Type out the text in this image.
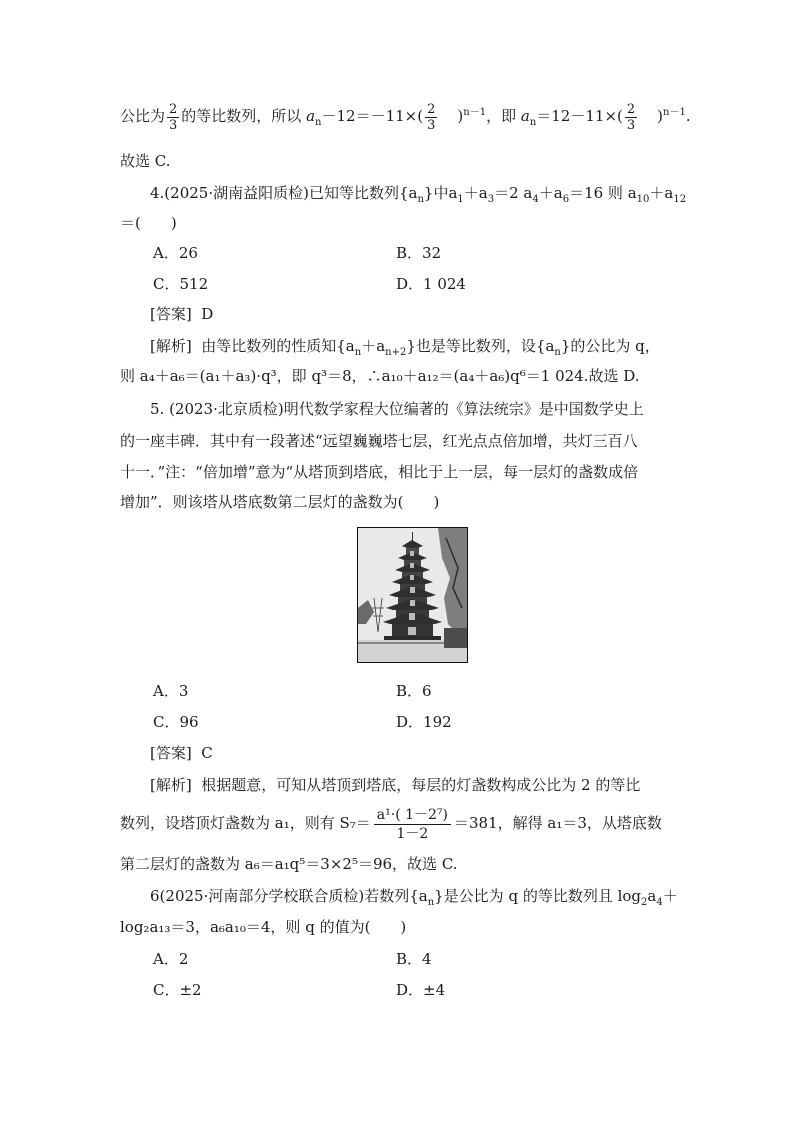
公比为 $\frac{2}{3}$ 的等比数列，所以 $a_n-12=-11\times( \frac{2}{3} )^{n-1}$，即 $a_n=12-11\times( \frac{2}{3} )^{n-1}$.
故选 C.
4.(2025·湖南益阳质检)已知等比数列$\{a_n\}$中$a_1+a_3=2$ $a_4+a_6=16$ 则 $a_{10}+a_{12}$
＝(　　)
A．26	B．32
C．512	D．1 024
[答案] D
[解析] 由等比数列的性质知$\{a_n+a_{n+2}\}$也是等比数列，设$\{a_n\}$的公比为 q，
则 a₄＋a₆＝(a₁＋a₃)·q³，即 q³＝8，∴a₁₀＋a₁₂＝(a₄＋a₆)q⁶＝1 024.故选 D.
5. (2023·北京质检)明代数学家程大位编著的《算法统宗》是中国数学史上
的一座丰碑．其中有一段著述“远望巍巍塔七层，红光点点倍加增，共灯三百八
十一．”注：“倍加增”意为“从塔顶到塔底，相比于上一层，每一层灯的盏数成倍
增加”．则该塔从塔底数第二层灯的盏数为(　　)
A．3	B．6
C．96	D．192
[答案] C
[解析] 根据题意，可知从塔顶到塔底，每层的灯盏数构成公比为 2 的等比
数列，设塔顶灯盏数为 a₁，则有 $S_7= \frac{\text{a¹·( 1－2⁷)}}{1-2} =381$，解得 a₁＝3，从塔底数
第二层灯的盏数为 a₆＝a₁q⁵＝3×2⁵＝96，故选 C.
6(2025·河南部分学校联合质检)若数列$\{a_n\}$是公比为 q 的等比数列且 $\log_2a_4+$
log₂a₁₃＝3，a₆a₁₀＝4，则 q 的值为(　　)
A．2	B．4
C．±2	D．±4
